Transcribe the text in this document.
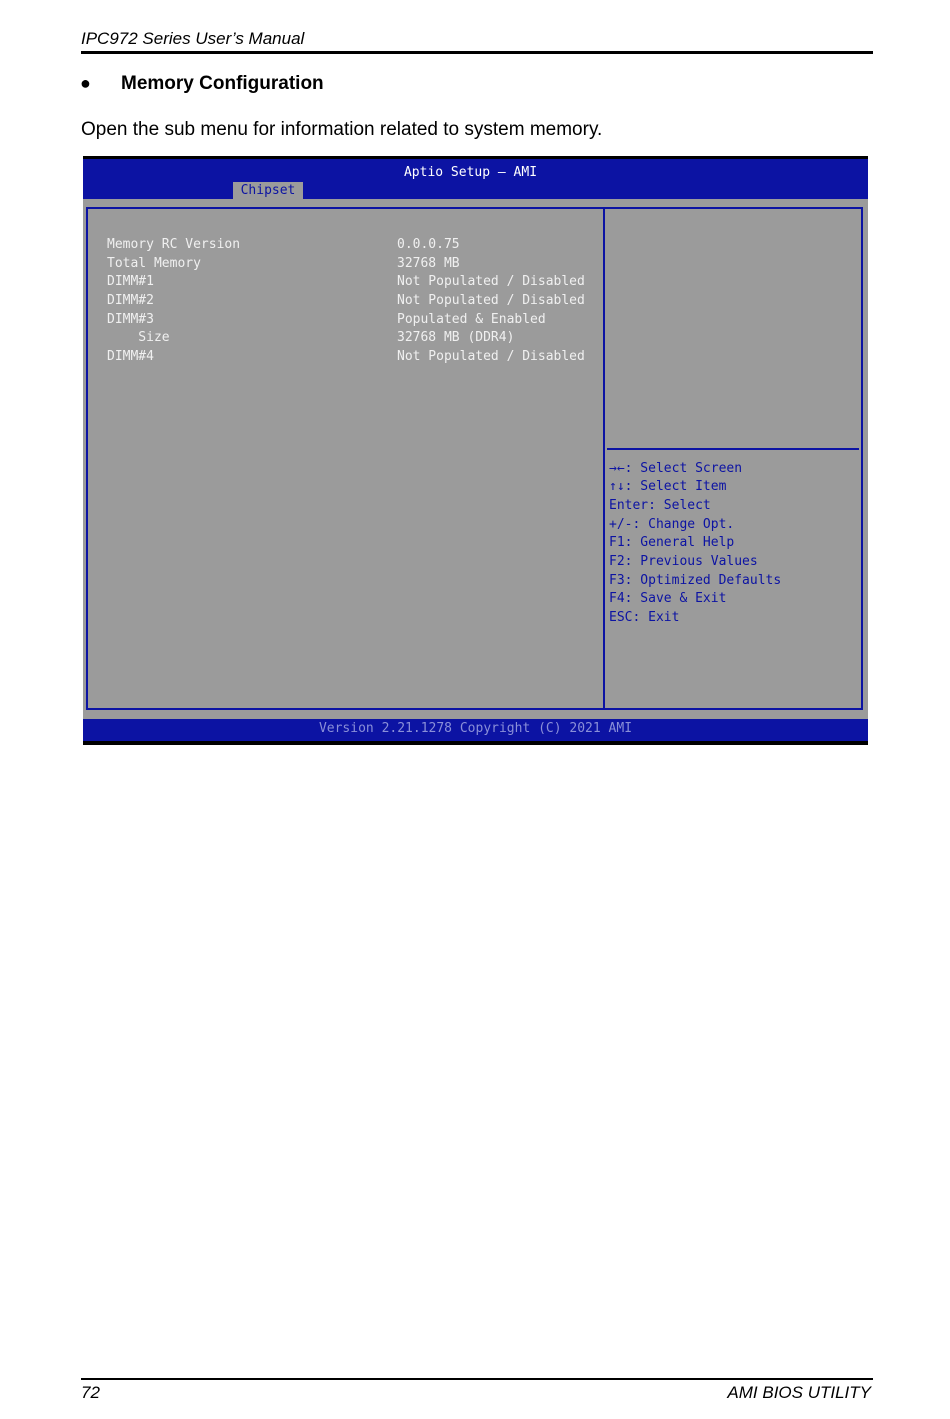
IPC972 Series User’s Manual
● Memory Configuration
Open the sub menu for information related to system memory.
Aptio Setup – AMI
Chipset

Memory RC Version

	0.0.0.75

Total Memory

	32768 MB

DIMM#1

	Not Populated / Disabled

DIMM#2

	Not Populated / Disabled

DIMM#3

	Populated & Enabled

Size

	32768 MB (DDR4)

DIMM#4

	Not Populated / Disabled

→←: Select Screen
↑↓: Select Item
Enter: Select
+/-: Change Opt.
F1: General Help
F2: Previous Values
F3: Optimized Defaults
F4: Save & Exit
ESC: Exit
Version 2.21.1278 Copyright (C) 2021 AMI
72	AMI BIOS UTILITY
